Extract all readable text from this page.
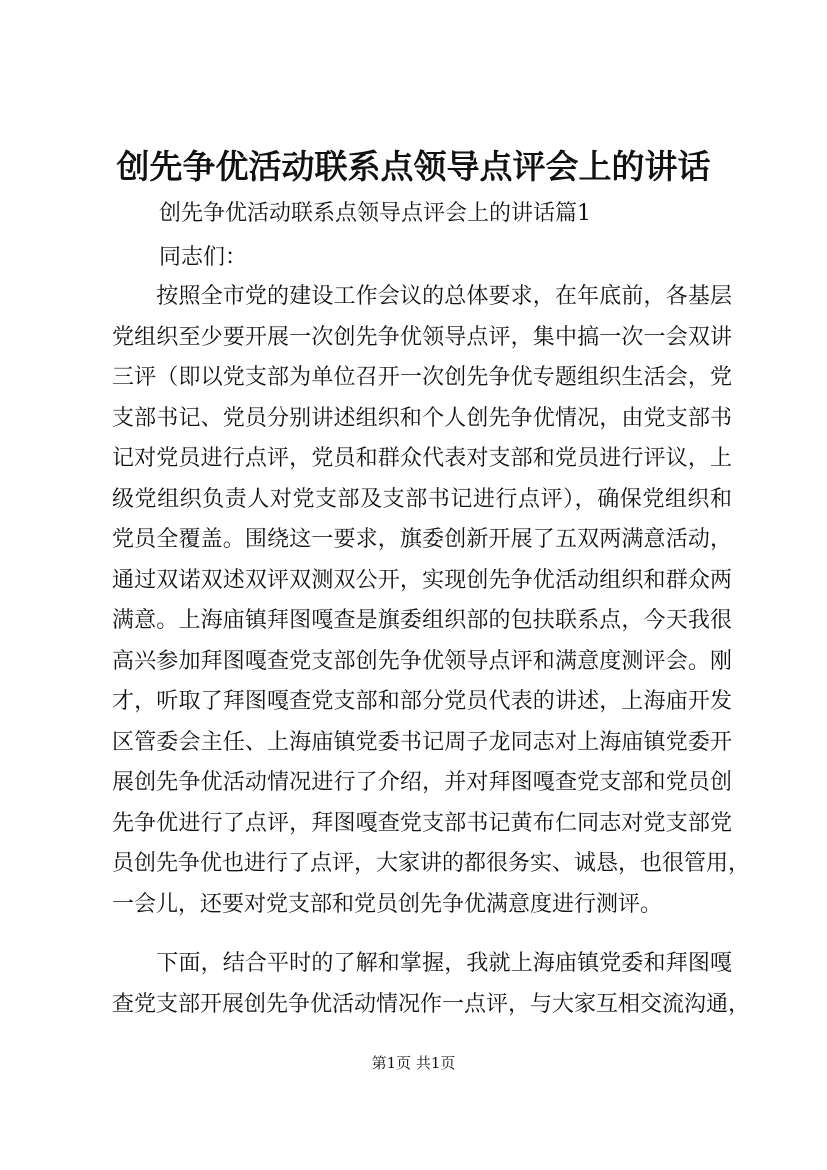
创先争优活动联系点领导点评会上的讲话
创先争优活动联系点领导点评会上的讲话篇1
同志们：
　　按照全市党的建设工作会议的总体要求，在年底前，各基层
党组织至少要开展一次创先争优领导点评，集中搞一次一会双讲
三评（即以党支部为单位召开一次创先争优专题组织生活会，党
支部书记、党员分别讲述组织和个人创先争优情况，由党支部书
记对党员进行点评，党员和群众代表对支部和党员进行评议，上
级党组织负责人对党支部及支部书记进行点评），确保党组织和
党员全覆盖。围绕这一要求，旗委创新开展了五双两满意活动，
通过双诺双述双评双测双公开，实现创先争优活动组织和群众两
满意。上海庙镇拜图嘎查是旗委组织部的包扶联系点，今天我很
高兴参加拜图嘎查党支部创先争优领导点评和满意度测评会。刚
才，听取了拜图嘎查党支部和部分党员代表的讲述，上海庙开发
区管委会主任、上海庙镇党委书记周子龙同志对上海庙镇党委开
展创先争优活动情况进行了介绍，并对拜图嘎查党支部和党员创
先争优进行了点评，拜图嘎查党支部书记黄布仁同志对党支部党
员创先争优也进行了点评，大家讲的都很务实、诚恳，也很管用，
一会儿，还要对党支部和党员创先争优满意度进行测评。
　　下面，结合平时的了解和掌握，我就上海庙镇党委和拜图嘎
查党支部开展创先争优活动情况作一点评，与大家互相交流沟通，
第1页 共1页
